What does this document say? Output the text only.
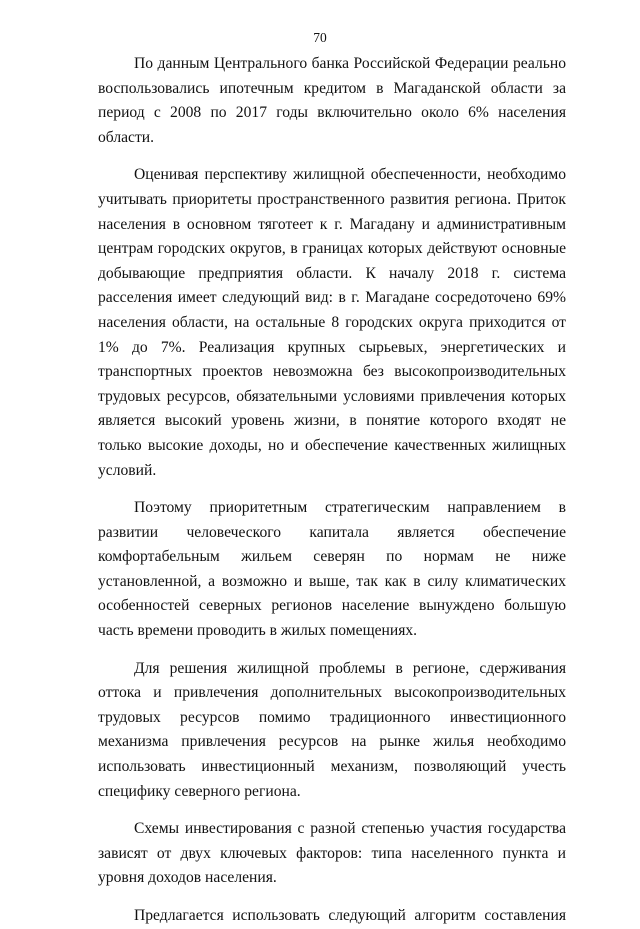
70

По данным Центрального банка Российской Федерации реально воспользовались ипотечным кредитом в Магаданской области за период с 2008 по 2017 годы включительно около 6% населения области.

Оценивая перспективу жилищной обеспеченности, необходимо учитывать приоритеты пространственного развития региона. Приток населения в основном тяготеет к г. Магадану и административным центрам городских округов, в границах которых действуют основные добывающие предприятия области. К началу 2018 г. система расселения имеет следующий вид: в г. Магадане сосредоточено 69% населения области, на остальные 8 городских округа приходится от 1% до 7%. Реализация крупных сырьевых, энергетических и транспортных проектов невозможна без высокопроизводительных трудовых ресурсов, обязательными условиями привлечения которых является высокий уровень жизни, в понятие которого входят не только высокие доходы, но и обеспечение качественных жилищных условий.

Поэтому приоритетным стратегическим направлением в развитии человеческого капитала является обеспечение комфортабельным жильем северян по нормам не ниже установленной, а возможно и выше, так как в силу климатических особенностей северных регионов население вынуждено большую часть времени проводить в жилых помещениях.

Для решения жилищной проблемы в регионе, сдерживания оттока и привлечения дополнительных высокопроизводительных трудовых ресурсов помимо традиционного инвестиционного механизма привлечения ресурсов на рынке жилья необходимо использовать инвестиционный механизм, позволяющий учесть специфику северного региона.

Схемы инвестирования с разной степенью участия государства зависят от двух ключевых факторов: типа населенного пункта и уровня доходов населения.

Предлагается использовать следующий алгоритм составления
